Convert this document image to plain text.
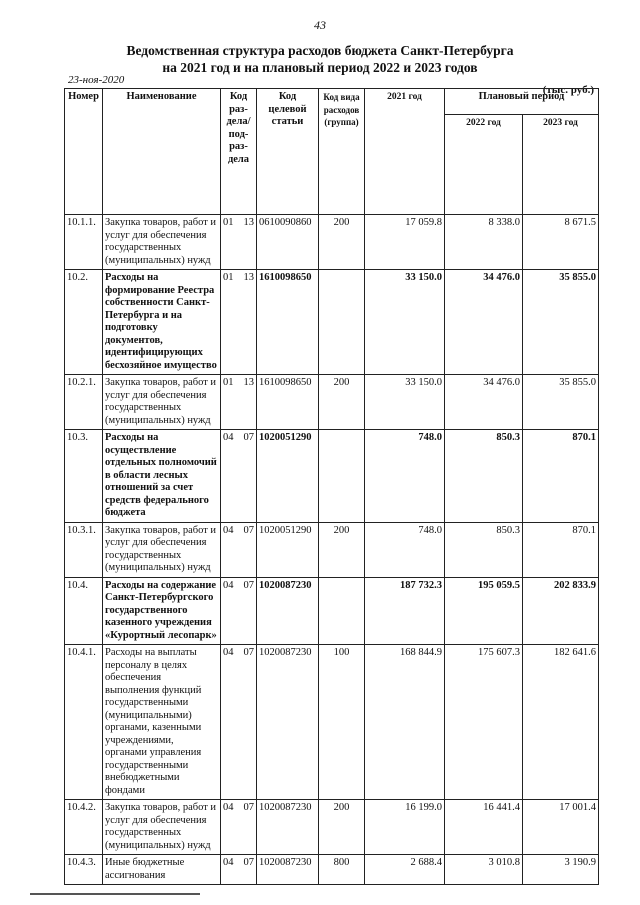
43
Ведомственная структура расходов бюджета Санкт-Петербурга
на 2021 год и на плановый период 2022 и 2023 годов
23-ноя-2020
(тыс. руб.)
Номер	Наименование	Код раз- дела/ под- раз- дела	Код целевой статьи	Код вида расходов (группа)	2021 год	Плановый период	
						2022 год	2023 год
10.1.1.	Закупка товаров, работ и услуг для обеспечения государственных (муниципальных) нужд	01 13	0610090860	200	17 059.8	8 338.0	8 671.5
10.2.	Расходы на формирование Реестра собственности Санкт-Петербурга и на подготовку документов, идентифицирующих бесхозяйное имущество	01 13	1610098650		33 150.0	34 476.0	35 855.0
10.2.1.	Закупка товаров, работ и услуг для обеспечения государственных (муниципальных) нужд	01 13	1610098650	200	33 150.0	34 476.0	35 855.0
10.3.	Расходы на осуществление отдельных полномочий в области лесных отношений за счет средств федерального бюджета	04 07	1020051290		748.0	850.3	870.1
10.3.1.	Закупка товаров, работ и услуг для обеспечения государственных (муниципальных) нужд	04 07	1020051290	200	748.0	850.3	870.1
10.4.	Расходы на содержание Санкт-Петербургского государственного казенного учреждения «Курортный лесопарк»	04 07	1020087230		187 732.3	195 059.5	202 833.9
10.4.1.	Расходы на выплаты персоналу в целях обеспечения выполнения функций государственными (муниципальными) органами, казенными учреждениями, органами управления государственными внебюджетными фондами	04 07	1020087230	100	168 844.9	175 607.3	182 641.6
10.4.2.	Закупка товаров, работ и услуг для обеспечения государственных (муниципальных) нужд	04 07	1020087230	200	16 199.0	16 441.4	17 001.4
10.4.3.	Иные бюджетные ассигнования	04 07	1020087230	800	2 688.4	3 010.8	3 190.9
